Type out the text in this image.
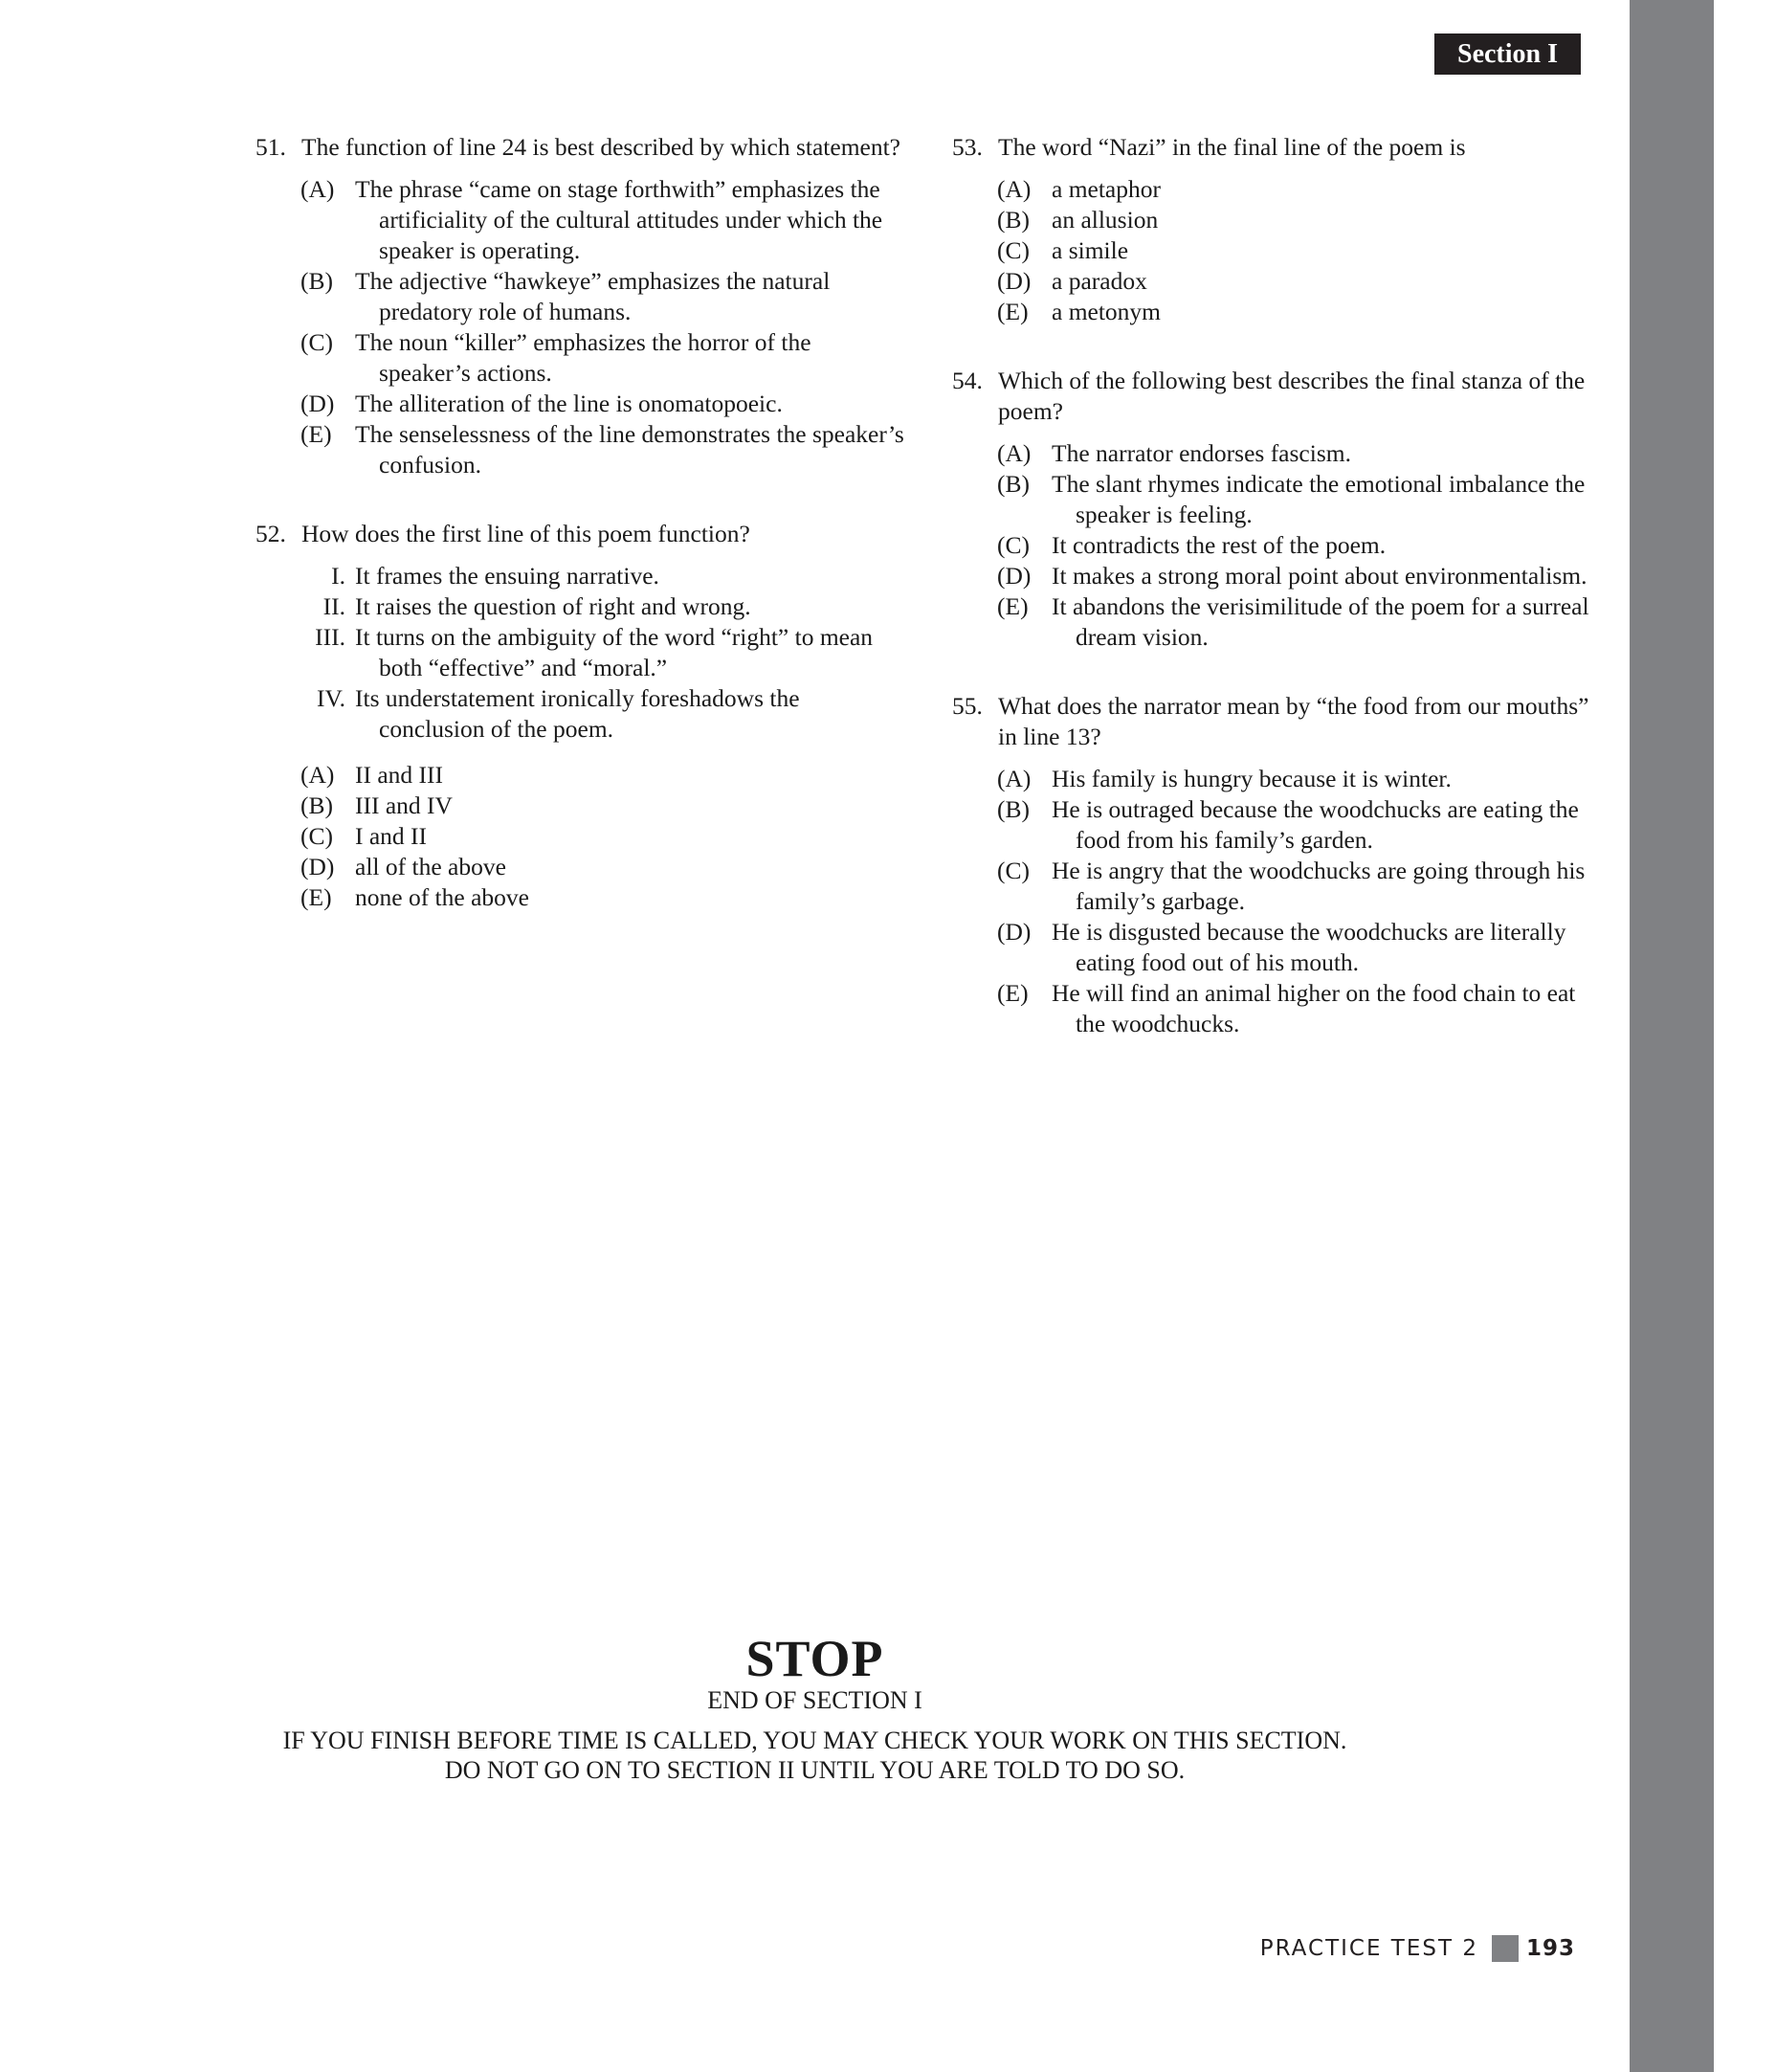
Section I
51. The function of line 24 is best described by which statement?
(A) The phrase “came on stage forthwith” emphasizes the artificiality of the cultural attitudes under which the speaker is operating.
(B) The adjective “hawkeye” emphasizes the natural predatory role of humans.
(C) The noun “killer” emphasizes the horror of the speaker’s actions.
(D) The alliteration of the line is onomatopoeic.
(E) The senselessness of the line demonstrates the speaker’s confusion.
52. How does the first line of this poem function?
I. It frames the ensuing narrative.
II. It raises the question of right and wrong.
III. It turns on the ambiguity of the word “right” to mean both “effective” and “moral.”
IV. Its understatement ironically foreshadows the conclusion of the poem.
(A) II and III
(B) III and IV
(C) I and II
(D) all of the above
(E) none of the above
53. The word “Nazi” in the final line of the poem is
(A) a metaphor
(B) an allusion
(C) a simile
(D) a paradox
(E) a metonym
54. Which of the following best describes the final stanza of the poem?
(A) The narrator endorses fascism.
(B) The slant rhymes indicate the emotional imbalance the speaker is feeling.
(C) It contradicts the rest of the poem.
(D) It makes a strong moral point about environmentalism.
(E) It abandons the verisimilitude of the poem for a surreal dream vision.
55. What does the narrator mean by “the food from our mouths” in line 13?
(A) His family is hungry because it is winter.
(B) He is outraged because the woodchucks are eating the food from his family’s garden.
(C) He is angry that the woodchucks are going through his family’s garbage.
(D) He is disgusted because the woodchucks are literally eating food out of his mouth.
(E) He will find an animal higher on the food chain to eat the woodchucks.
STOP
END OF SECTION I
IF YOU FINISH BEFORE TIME IS CALLED, YOU MAY CHECK YOUR WORK ON THIS SECTION.
DO NOT GO ON TO SECTION II UNTIL YOU ARE TOLD TO DO SO.
PRACTICE TEST 2 193
